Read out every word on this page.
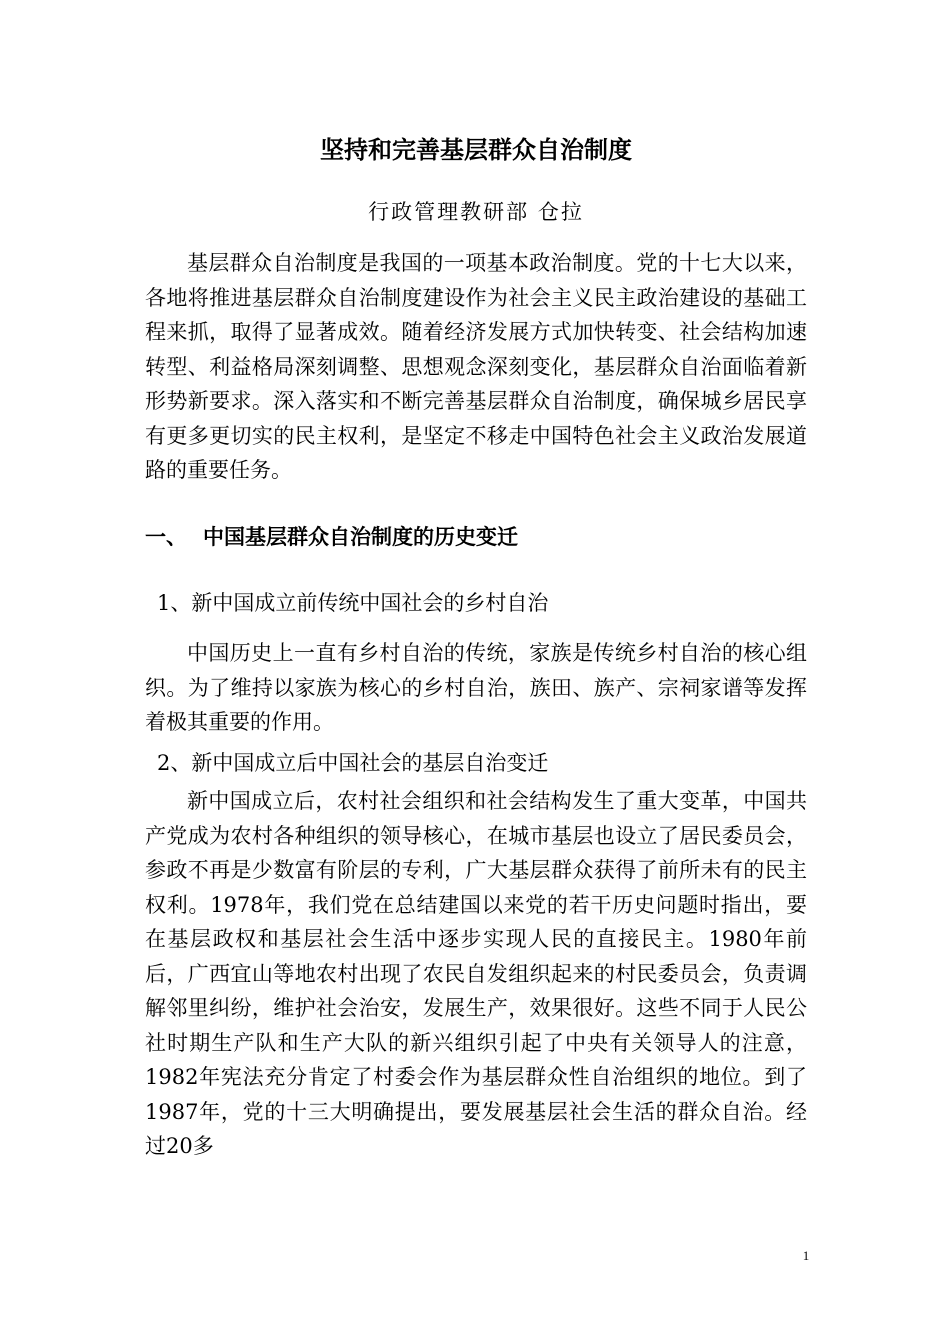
坚持和完善基层群众自治制度

行政管理教研部 仓拉

基层群众自治制度是我国的一项基本政治制度。党的十七大以来，各地将推进基层群众自治制度建设作为社会主义民主政治建设的基础工程来抓，取得了显著成效。随着经济发展方式加快转变、社会结构加速转型、利益格局深刻调整、思想观念深刻变化，基层群众自治面临着新形势新要求。深入落实和不断完善基层群众自治制度，确保城乡居民享有更多更切实的民主权利，是坚定不移走中国特色社会主义政治发展道路的重要任务。

一、 中国基层群众自治制度的历史变迁

1、新中国成立前传统中国社会的乡村自治

中国历史上一直有乡村自治的传统，家族是传统乡村自治的核心组织。为了维持以家族为核心的乡村自治，族田、族产、宗祠家谱等发挥着极其重要的作用。

2、新中国成立后中国社会的基层自治变迁

新中国成立后，农村社会组织和社会结构发生了重大变革，中国共产党成为农村各种组织的领导核心，在城市基层也设立了居民委员会，参政不再是少数富有阶层的专利，广大基层群众获得了前所未有的民主权利。1978年，我们党在总结建国以来党的若干历史问题时指出，要在基层政权和基层社会生活中逐步实现人民的直接民主。1980年前后，广西宜山等地农村出现了农民自发组织起来的村民委员会，负责调解邻里纠纷，维护社会治安，发展生产，效果很好。这些不同于人民公社时期生产队和生产大队的新兴组织引起了中央有关领导人的注意，1982年宪法充分肯定了村委会作为基层群众性自治组织的地位。到了1987年，党的十三大明确提出，要发展基层社会生活的群众自治。经过20多

1
